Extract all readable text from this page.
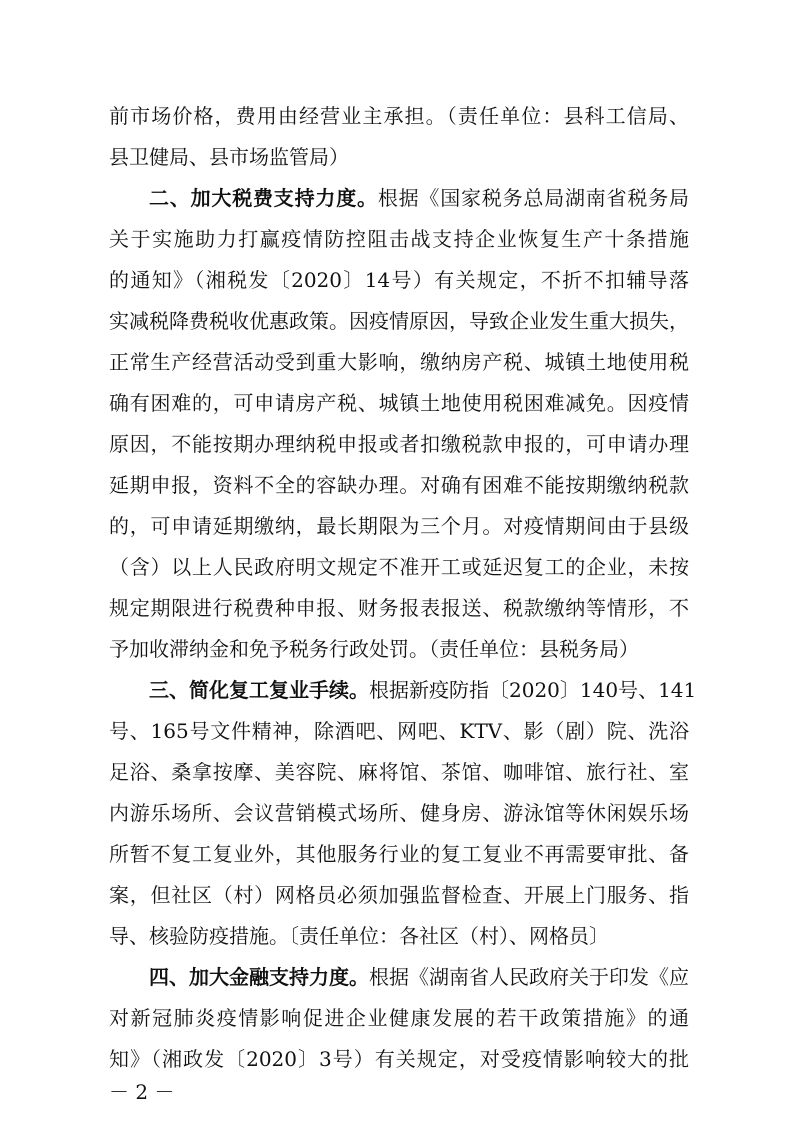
前市场价格，费用由经营业主承担。（责任单位：县科工信局、
县卫健局、县市场监管局）
二、加大税费支持力度。根据《国家税务总局湖南省税务局
关于实施助力打赢疫情防控阻击战支持企业恢复生产十条措施
的通知》（湘税发〔2020〕14号）有关规定，不折不扣辅导落
实减税降费税收优惠政策。因疫情原因，导致企业发生重大损失，
正常生产经营活动受到重大影响，缴纳房产税、城镇土地使用税
确有困难的，可申请房产税、城镇土地使用税困难减免。因疫情
原因，不能按期办理纳税申报或者扣缴税款申报的，可申请办理
延期申报，资料不全的容缺办理。对确有困难不能按期缴纳税款
的，可申请延期缴纳，最长期限为三个月。对疫情期间由于县级
（含）以上人民政府明文规定不准开工或延迟复工的企业，未按
规定期限进行税费种申报、财务报表报送、税款缴纳等情形，不
予加收滞纳金和免予税务行政处罚。（责任单位：县税务局）
三、简化复工复业手续。根据新疫防指〔2020〕140号、141
号、165号文件精神，除酒吧、网吧、KTV、影（剧）院、洗浴
足浴、桑拿按摩、美容院、麻将馆、茶馆、咖啡馆、旅行社、室
内游乐场所、会议营销模式场所、健身房、游泳馆等休闲娱乐场
所暂不复工复业外，其他服务行业的复工复业不再需要审批、备
案，但社区（村）网格员必须加强监督检查、开展上门服务、指
导、核验防疫措施。〔责任单位：各社区（村）、网格员〕
四、加大金融支持力度。根据《湖南省人民政府关于印发《应
对新冠肺炎疫情影响促进企业健康发展的若干政策措施》的通
知》（湘政发〔2020〕3号）有关规定，对受疫情影响较大的批
－ 2 －
